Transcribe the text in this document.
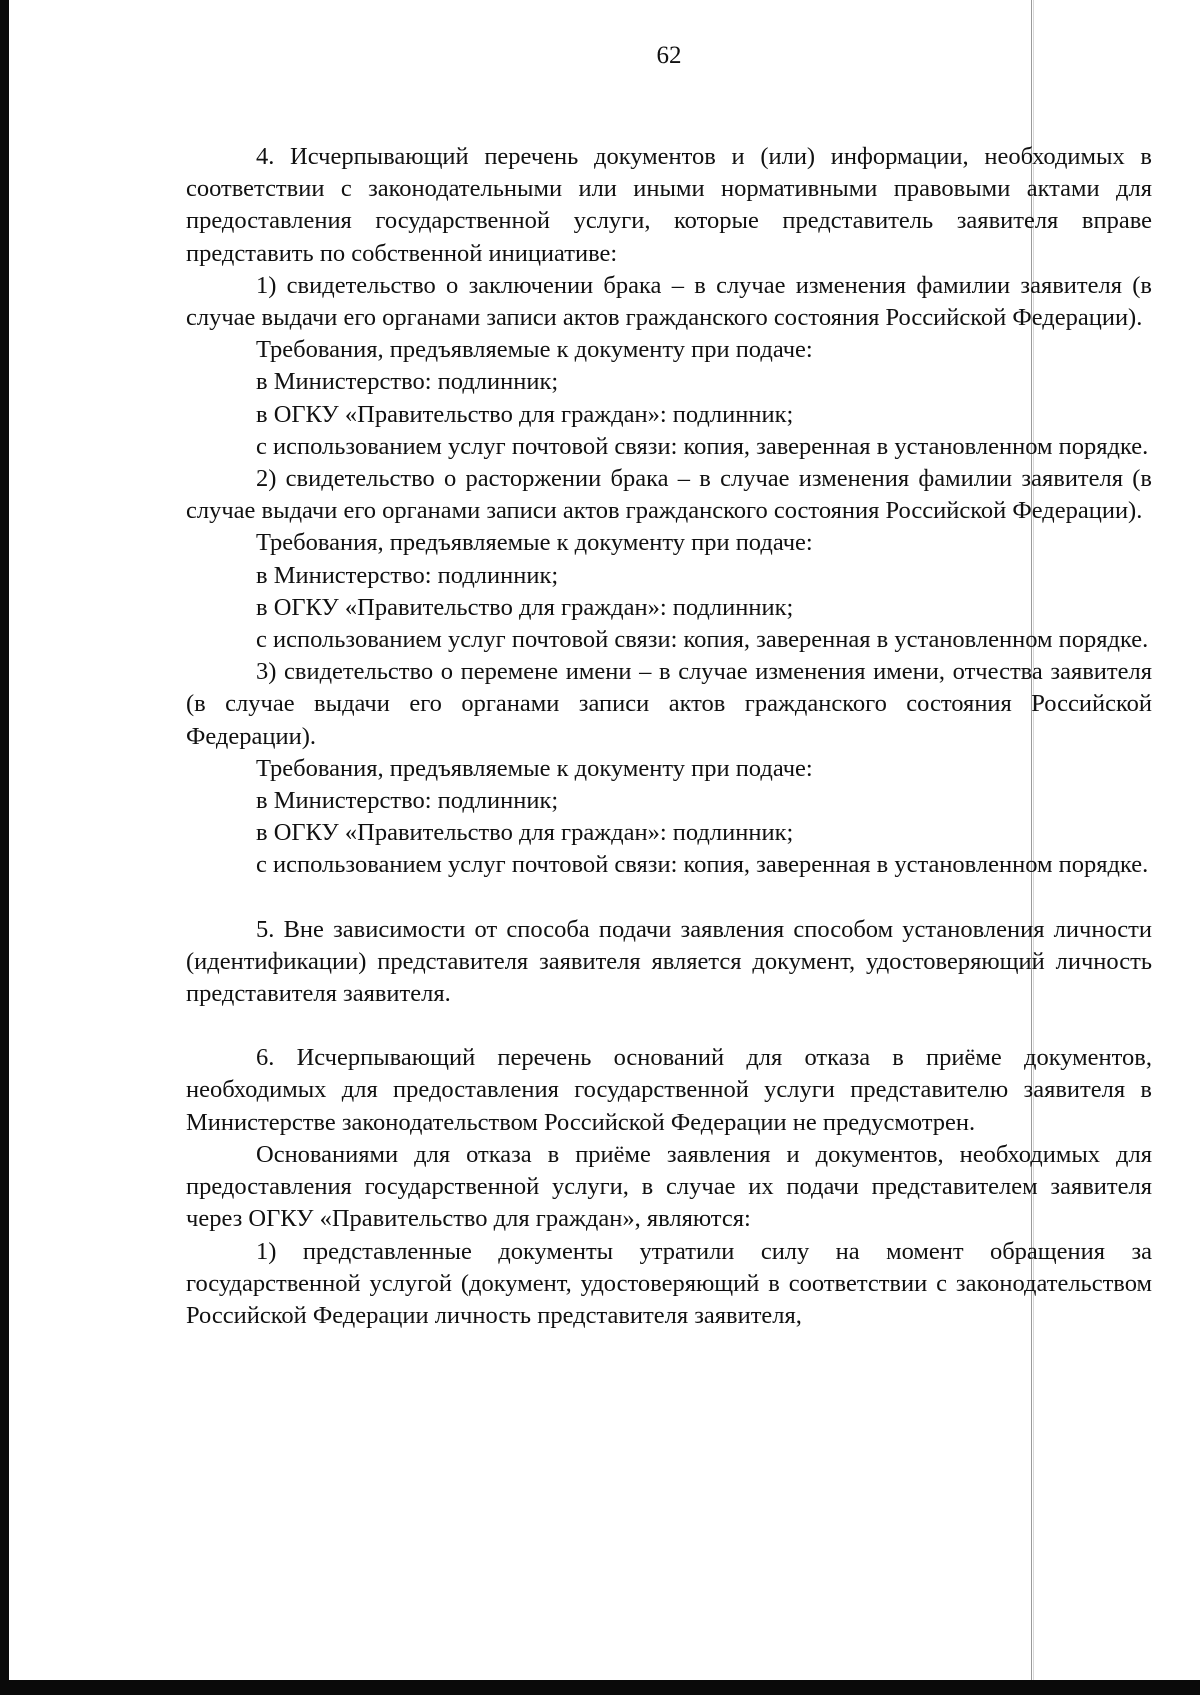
62

4. Исчерпывающий перечень документов и (или) информации, необходимых в соответствии с законодательными или иными нормативными правовыми актами для предоставления государственной услуги, которые представитель заявителя вправе представить по собственной инициативе:

1) свидетельство о заключении брака – в случае изменения фамилии заявителя (в случае выдачи его органами записи актов гражданского состояния Российской Федерации).

Требования, предъявляемые к документу при подаче:

в Министерство: подлинник;

в ОГКУ «Правительство для граждан»: подлинник;

с использованием услуг почтовой связи: копия, заверенная в установленном порядке.

2) свидетельство о расторжении брака – в случае изменения фамилии заявителя (в случае выдачи его органами записи актов гражданского состояния Российской Федерации).

Требования, предъявляемые к документу при подаче:

в Министерство: подлинник;

в ОГКУ «Правительство для граждан»: подлинник;

с использованием услуг почтовой связи: копия, заверенная в установленном порядке.

3) свидетельство о перемене имени – в случае изменения имени, отчества заявителя (в случае выдачи его органами записи актов гражданского состояния Российской Федерации).

Требования, предъявляемые к документу при подаче:

в Министерство: подлинник;

в ОГКУ «Правительство для граждан»: подлинник;

с использованием услуг почтовой связи: копия, заверенная в установленном порядке.

5. Вне зависимости от способа подачи заявления способом установления личности (идентификации) представителя заявителя является документ, удостоверяющий личность представителя заявителя.

6. Исчерпывающий перечень оснований для отказа в приёме документов, необходимых для предоставления государственной услуги представителю заявителя в Министерстве законодательством Российской Федерации не предусмотрен.

Основаниями для отказа в приёме заявления и документов, необходимых для предоставления государственной услуги, в случае их подачи представителем заявителя через ОГКУ «Правительство для граждан», являются:

1) представленные документы утратили силу на момент обращения за государственной услугой (документ, удостоверяющий в соответствии с законодательством Российской Федерации личность представителя заявителя,
